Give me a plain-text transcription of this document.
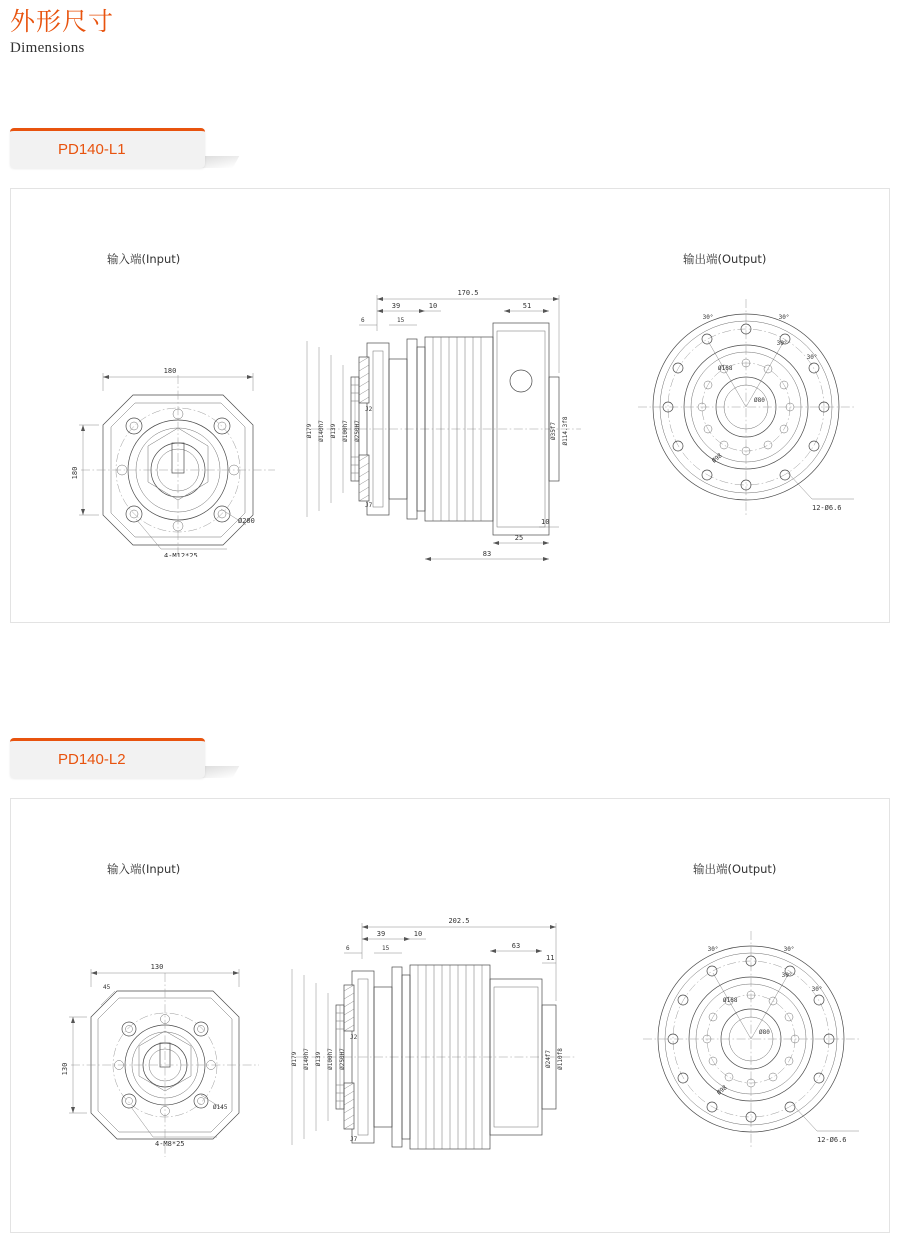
外形尺寸
Dimensions
PD140-L1
输入端(Input)	输出端(Output)
180
180
Ø200
4-M12*25
170.5
39	10	51
6	15
Ø179 Ø140h7 Ø139 Ø100h7 Ø250H7
J2
J7
Ø35f7 Ø114.3f8
10
25
83
30°	30°
30°
30°
Ø168
Ø80
Ø98
12-Ø6.6
PD140-L2
输入端(Input)	输出端(Output)
130
130
45
Ø145
4-M8*25
202.5
39	10
63
11
6	15
Ø179 Ø140h7 Ø139 Ø100h7 Ø250H7
J2
J7
Ø24f7 Ø110f8
30°	30°
30°
30°
Ø168
Ø80
Ø98
12-Ø6.6
